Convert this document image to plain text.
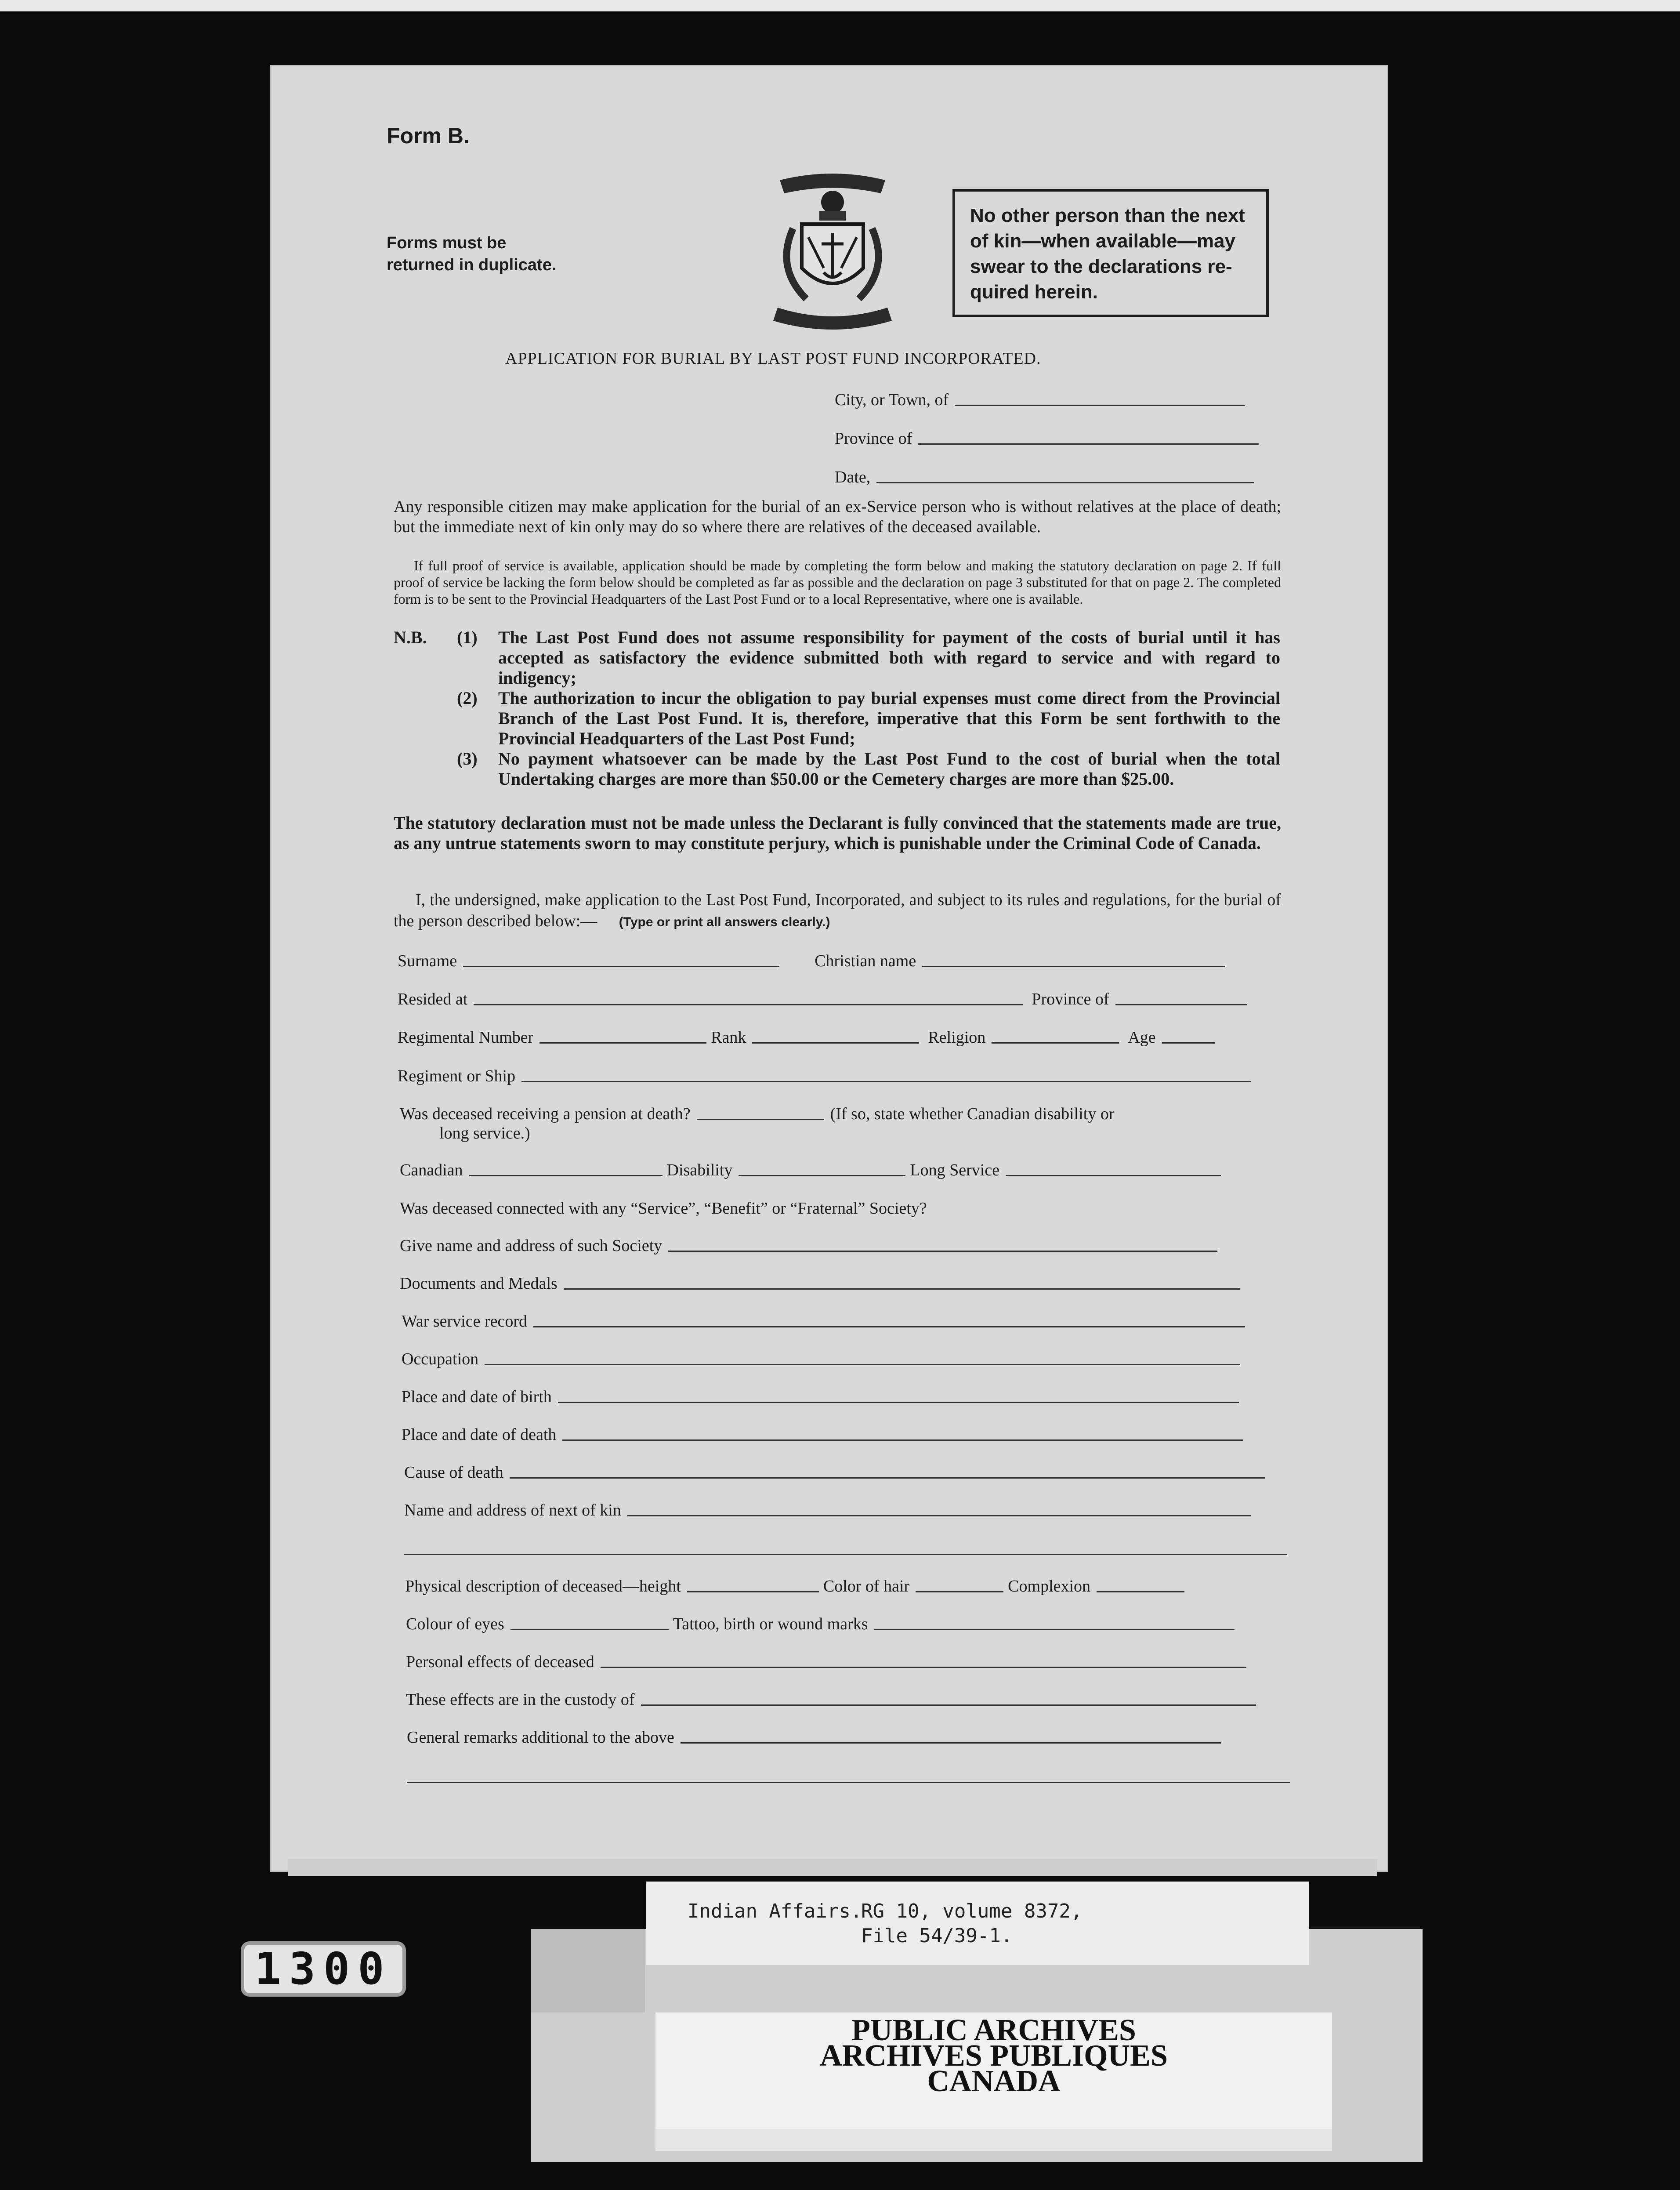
Form B.
Forms must be
returned in duplicate.
No other person than the next
of kin—when available—may
swear to the declarations re-
quired herein.
APPLICATION FOR BURIAL BY LAST POST FUND INCORPORATED.
City, or Town, of
Province of
Date,
Any responsible citizen may make application for the burial of an ex-Service person who is without relatives at the place of death; but the immediate next of kin only may do so where there are relatives of the deceased available.
If full proof of service is available, application should be made by completing the form below and making the statutory declaration on page 2. If full proof of service be lacking the form below should be completed as far as possible and the declaration on page 3 substituted for that on page 2. The completed form is to be sent to the Provincial Headquarters of the Last Post Fund or to a local Representative, where one is available.
N.B. (1) The Last Post Fund does not assume responsibility for payment of the costs of burial until it has accepted as satisfactory the evidence submitted both with regard to service and with regard to indigency;
(2) The authorization to incur the obligation to pay burial expenses must come direct from the Provincial Branch of the Last Post Fund. It is, therefore, imperative that this Form be sent forthwith to the Provincial Headquarters of the Last Post Fund;
(3) No payment whatsoever can be made by the Last Post Fund to the cost of burial when the total Undertaking charges are more than $50.00 or the Cemetery charges are more than $25.00.
The statutory declaration must not be made unless the Declarant is fully convinced that the statements made are true, as any untrue statements sworn to may constitute perjury, which is punishable under the Criminal Code of Canada.
I, the undersigned, make application to the Last Post Fund, Incorporated, and subject to its rules and regulations, for the burial of the person described below:— (Type or print all answers clearly.)
Surname	Christian name
Resided at	Province of
Regimental Number	Rank	Religion	Age
Regiment or Ship
Was deceased receiving a pension at death?	(If so, state whether Canadian disability or
long service.)
Canadian	Disability	Long Service
Was deceased connected with any “Service”, “Benefit” or “Fraternal” Society?
Give name and address of such Society
Documents and Medals
War service record
Occupation
Place and date of birth
Place and date of death
Cause of death
Name and address of next of kin
Physical description of deceased—height	Color of hair	Complexion
Colour of eyes	Tattoo, birth or wound marks
Personal effects of deceased
These effects are in the custody of
General remarks additional to the above
1300
Indian Affairs.
RG 10, volume 8372,
File 54/39-1.
PUBLIC ARCHIVES
ARCHIVES PUBLIQUES
CANADA
